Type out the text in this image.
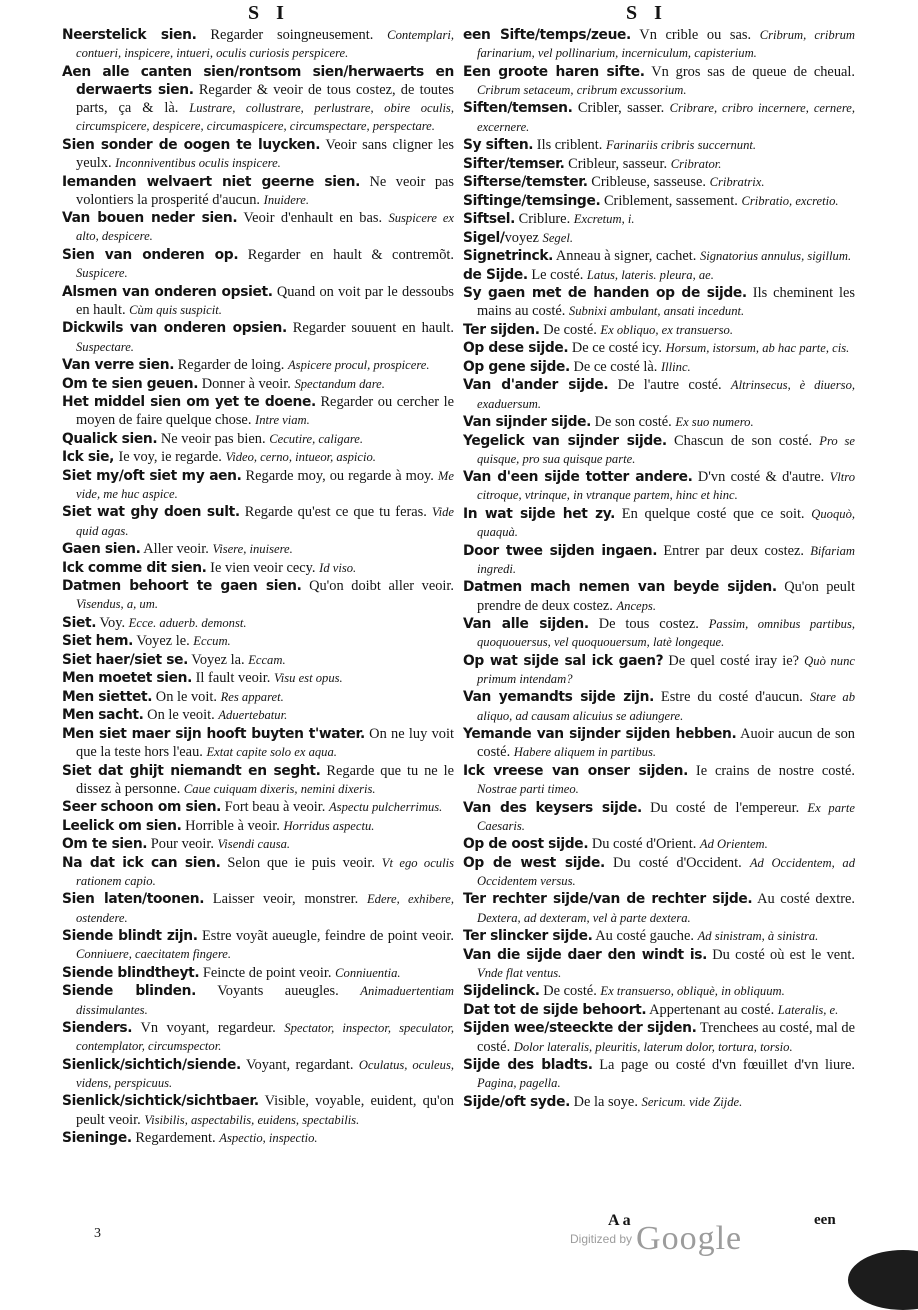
S I	S I

Neerstelick sien. Regarder soingneusement. Contemplari, contueri, inspicere, intueri, oculis curiosis perspicere.

Aen alle canten sien/rontsom sien/herwaerts en derwaerts sien. Regarder & veoir de tous costez, de toutes parts, ça & là. Lustrare, collustrare, perlustrare, obire oculis, circumspicere, despicere, circumaspicere, circumspectare, perspectare.

Sien sonder de oogen te luycken. Veoir sans cligner les yeulx. Inconniventibus oculis inspicere.

Iemanden welvaert niet geerne sien. Ne veoir pas volontiers la prosperité d'aucun. Inuidere.

Van bouen neder sien. Veoir d'enhault en bas. Suspicere ex alto, despicere.

Sien van onderen op. Regarder en hault & contremõt. Suspicere.

Alsmen van onderen opsiet. Quand on voit par le dessoubs en hault. Cùm quis suspicit.

Dickwils van onderen opsien. Regarder souuent en hault. Suspectare.

Van verre sien. Regarder de loing. Aspicere procul, prospicere.

Om te sien geuen. Donner à veoir. Spectandum dare.

Het middel sien om yet te doene. Regarder ou cercher le moyen de faire quelque chose. Intre viam.

Qualick sien. Ne veoir pas bien. Cecutire, caligare.

Ick sie, Ie voy, ie regarde. Video, cerno, intueor, aspicio.

Siet my/oft siet my aen. Regarde moy, ou regarde à moy. Me vide, me huc aspice.

Siet wat ghy doen sult. Regarde qu'est ce que tu feras. Vide quid agas.

Gaen sien. Aller veoir. Visere, inuisere.

Ick comme dit sien. Ie vien veoir cecy. Id viso.

Datmen behoort te gaen sien. Qu'on doibt aller veoir. Visendus, a, um.

Siet. Voy. Ecce. aduerb. demonst.

Siet hem. Voyez le. Eccum.

Siet haer/siet se. Voyez la. Eccam.

Men moetet sien. Il fault veoir. Visu est opus.

Men siettet. On le voit. Res apparet.

Men sacht. On le veoit. Aduertebatur.

Men siet maer sijn hooft buyten t'water. On ne luy voit que la teste hors l'eau. Extat capite solo ex aqua.

Siet dat ghijt niemandt en seght. Regarde que tu ne le dissez à personne. Caue cuiquam dixeris, nemini dixeris.

Seer schoon om sien. Fort beau à veoir. Aspectu pulcherrimus.

Leelick om sien. Horrible à veoir. Horridus aspectu.

Om te sien. Pour veoir. Visendi causa.

Na dat ick can sien. Selon que ie puis veoir. Vt ego oculis rationem capio.

Sien laten/toonen. Laisser veoir, monstrer. Edere, exhibere, ostendere.

Siende blindt zijn. Estre voyãt aueugle, feindre de point veoir. Conniuere, caecitatem fingere.

Siende blindtheyt. Feincte de point veoir. Conniuentia.

Siende blinden. Voyants aueugles. Animaduertentiam dissimulantes.

Sienders. Vn voyant, regardeur. Spectator, inspector, speculator, contemplator, circumspector.

Sienlick/sichtich/siende. Voyant, regardant. Oculatus, oculeus, videns, perspicuus.

Sienlick/sichtick/sichtbaer. Visible, voyable, euident, qu'on peult veoir. Visibilis, aspectabilis, euidens, spectabilis.

Sieninge. Regardement. Aspectio, inspectio.

een Sifte/temps/zeue. Vn crible ou sas. Cribrum, cribrum farinarium, vel pollinarium, incerniculum, capisterium.

Een groote haren sifte. Vn gros sas de queue de cheual. Cribrum setaceum, cribrum excussorium.

Siften/temsen. Cribler, sasser. Cribrare, cribro incernere, cernere, excernere.

Sy siften. Ils criblent. Farinariis cribris succernunt.

Sifter/temser. Cribleur, sasseur. Cribrator.

Sifterse/temster. Cribleuse, sasseuse. Cribratrix.

Siftinge/temsinge. Criblement, sassement. Cribratio, excretio.

Siftsel. Criblure. Excretum, i.

Sigel/voyez Segel.

Signetrinck. Anneau à signer, cachet. Signatorius annulus, sigillum.

de Sijde. Le costé. Latus, lateris. pleura, ae.

Sy gaen met de handen op de sijde. Ils cheminent les mains au costé. Subnixi ambulant, ansati incedunt.

Ter sijden. De costé. Ex obliquo, ex transuerso.

Op dese sijde. De ce costé icy. Horsum, istorsum, ab hac parte, cis.

Op gene sijde. De ce costé là. Illinc.

Van d'ander sijde. De l'autre costé. Altrinsecus, è diuerso, exaduersum.

Van sijnder sijde. De son costé. Ex suo numero.

Yegelick van sijnder sijde. Chascun de son costé. Pro se quisque, pro sua quisque parte.

Van d'een sijde totter andere. D'vn costé & d'autre. Vltro citroque, vtrinque, in vtranque partem, hinc et hinc.

In wat sijde het zy. En quelque costé que ce soit. Quoquò, quaquà.

Door twee sijden ingaen. Entrer par deux costez. Bifariam ingredi.

Datmen mach nemen van beyde sijden. Qu'on peult prendre de deux costez. Anceps.

Van alle sijden. De tous costez. Passim, omnibus partibus, quoquouersus, vel quoquouersum, latè longeque.

Op wat sijde sal ick gaen? De quel costé iray ie? Quò nunc primum intendam?

Van yemandts sijde zijn. Estre du costé d'aucun. Stare ab aliquo, ad causam alicuius se adiungere.

Yemande van sijnder sijden hebben. Auoir aucun de son costé. Habere aliquem in partibus.

Ick vreese van onser sijden. Ie crains de nostre costé. Nostrae parti timeo.

Van des keysers sijde. Du costé de l'empereur. Ex parte Caesaris.

Op de oost sijde. Du costé d'Orient. Ad Orientem.

Op de west sijde. Du costé d'Occident. Ad Occidentem, ad Occidentem versus.

Ter rechter sijde/van de rechter sijde. Au costé dextre. Dextera, ad dexteram, vel à parte dextera.

Ter slincker sijde. Au costé gauche. Ad sinistram, à sinistra.

Van die sijde daer den windt is. Du costé où est le vent. Vnde flat ventus.

Sijdelinck. De costé. Ex transuerso, obliquè, in obliquum.

Dat tot de sijde behoort. Appertenant au costé. Lateralis, e.

Sijden wee/steeckte der sijden. Trenchees au costé, mal de costé. Dolor lateralis, pleuritis, laterum dolor, tortura, torsio.

Sijde des bladts. La page ou costé d'vn fœuillet d'vn liure. Pagina, pagella.

Sijde/oft syde. De la soye. Sericum. vide Zijde.

3
A a	een
$^{Digitized by}$ Google
